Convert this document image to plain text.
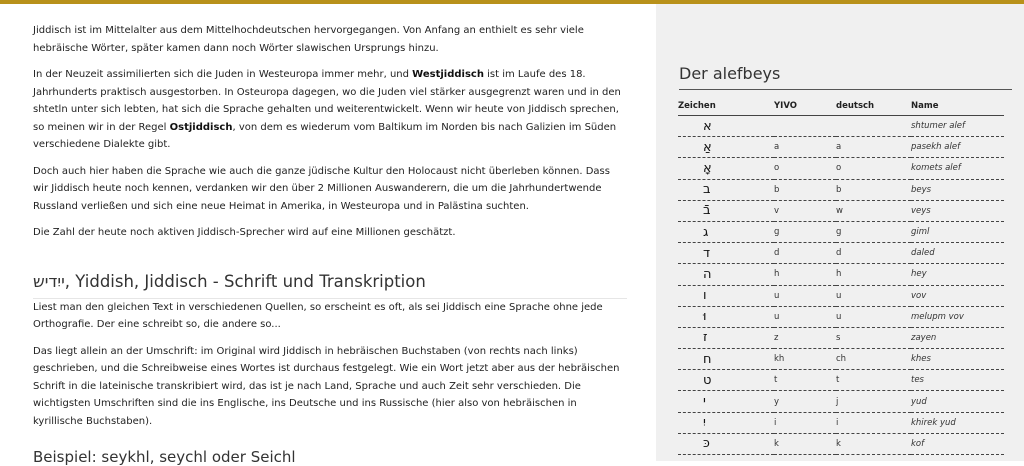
Jiddisch ist im Mittelalter aus dem Mittelhochdeutschen hervorgegangen. Von Anfang an enthielt es sehr viele hebräische Wörter, später kamen dann noch Wörter slawischen Ursprungs hinzu.

In der Neuzeit assimilierten sich die Juden in Westeuropa immer mehr, und Westjiddisch ist im Laufe des 18. Jahrhunderts praktisch ausgestorben. In Osteuropa dagegen, wo die Juden viel stärker ausgegrenzt waren und in den shtetln unter sich lebten, hat sich die Sprache gehalten und weiterentwickelt. Wenn wir heute von Jiddisch sprechen, so meinen wir in der Regel Ostjiddisch, von dem es wiederum vom Baltikum im Norden bis nach Galizien im Süden verschiedene Dialekte gibt.

Doch auch hier haben die Sprache wie auch die ganze jüdische Kultur den Holocaust nicht überleben können. Dass wir Jiddisch heute noch kennen, verdanken wir den über 2 Millionen Auswanderern, die um die Jahrhundertwende Russland verließen und sich eine neue Heimat in Amerika, in Westeuropa und in Palästina suchten.

Die Zahl der heute noch aktiven Jiddisch-Sprecher wird auf eine Millionen geschätzt.

ייִדיש, Yiddish, Jiddisch - Schrift und Transkription

Liest man den gleichen Text in verschiedenen Quellen, so erscheint es oft, als sei Jiddisch eine Sprache ohne jede Orthografie. Der eine schreibt so, die andere so...

Das liegt allein an der Umschrift: im Original wird Jiddisch in hebräischen Buchstaben (von rechts nach links) geschrieben, und die Schreibweise eines Wortes ist durchaus festgelegt. Wie ein Wort jetzt aber aus der hebräischen Schrift in die lateinische transkribiert wird, das ist je nach Land, Sprache und auch Zeit sehr verschieden. Die wichtigsten Umschriften sind die ins Englische, ins Deutsche und ins Russische (hier also von hebräischen in kyrillische Buchstaben).

Beispiel: seykhl, seychl oder Seichl
Der alefbeys
Zeichen	YIVO	deutsch	Name
א			shtumer alef
אַ	a	a	pasekh alef
אָ	o	o	komets alef
ב	b	b	beys
בֿ	v	w	veys
ג	g	g	giml
ד	d	d	daled
ה	h	h	hey
ו	u	u	vov
וּ	u	u	melupm vov
ז	z	s	zayen
ח	kh	ch	khes
ט	t	t	tes
י	y	j	yud
יִ	i	i	khirek yud
כּ	k	k	kof
